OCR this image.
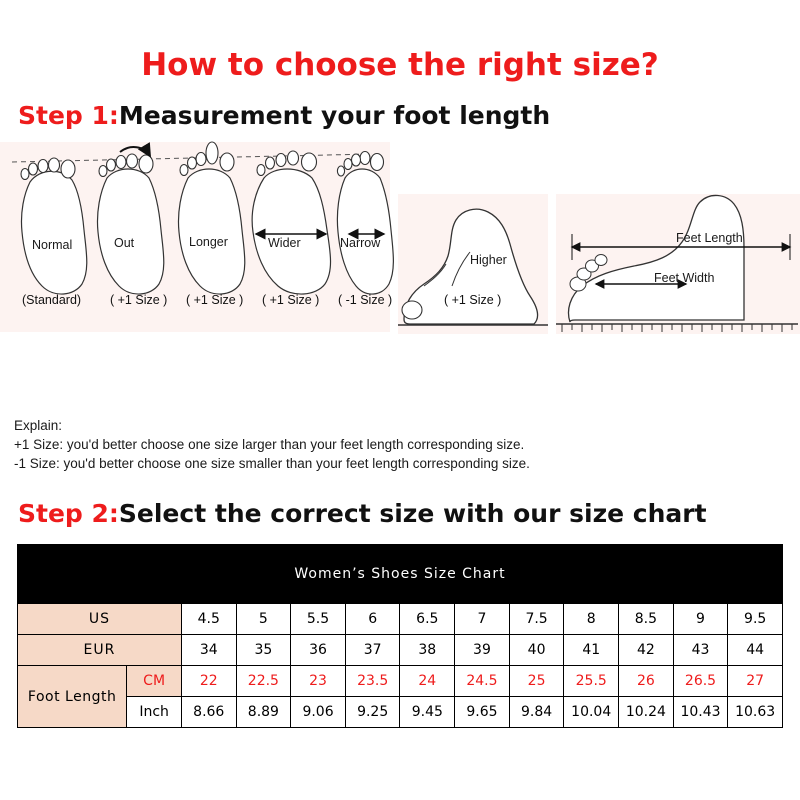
How to choose the right size?
Step 1: Measurement your foot length
Normal	Out	Longer	Wider	Narrow
Higher
Feet Length
Feet Width
(Standard) ( +1 Size ) ( +1 Size ) ( +1 Size ) ( -1 Size )	( +1 Size )
Explain:
+1 Size: you'd better choose one size larger than your feet length corresponding size.
-1 Size: you'd better choose one size smaller than your feet length corresponding size.
Step 2: Select the correct size with our size chart
Women’s Shoes Size Chart												
US		4.5	5	5.5	6	6.5	7	7.5	8	8.5	9	9.5
EUR		34	35	36	37	38	39	40	41	42	43	44
Foot Length	CM	22	22.5	23	23.5	24	24.5	25	25.5	26	26.5	27
	Inch	8.66	8.89	9.06	9.25	9.45	9.65	9.84	10.04	10.24	10.43	10.63
